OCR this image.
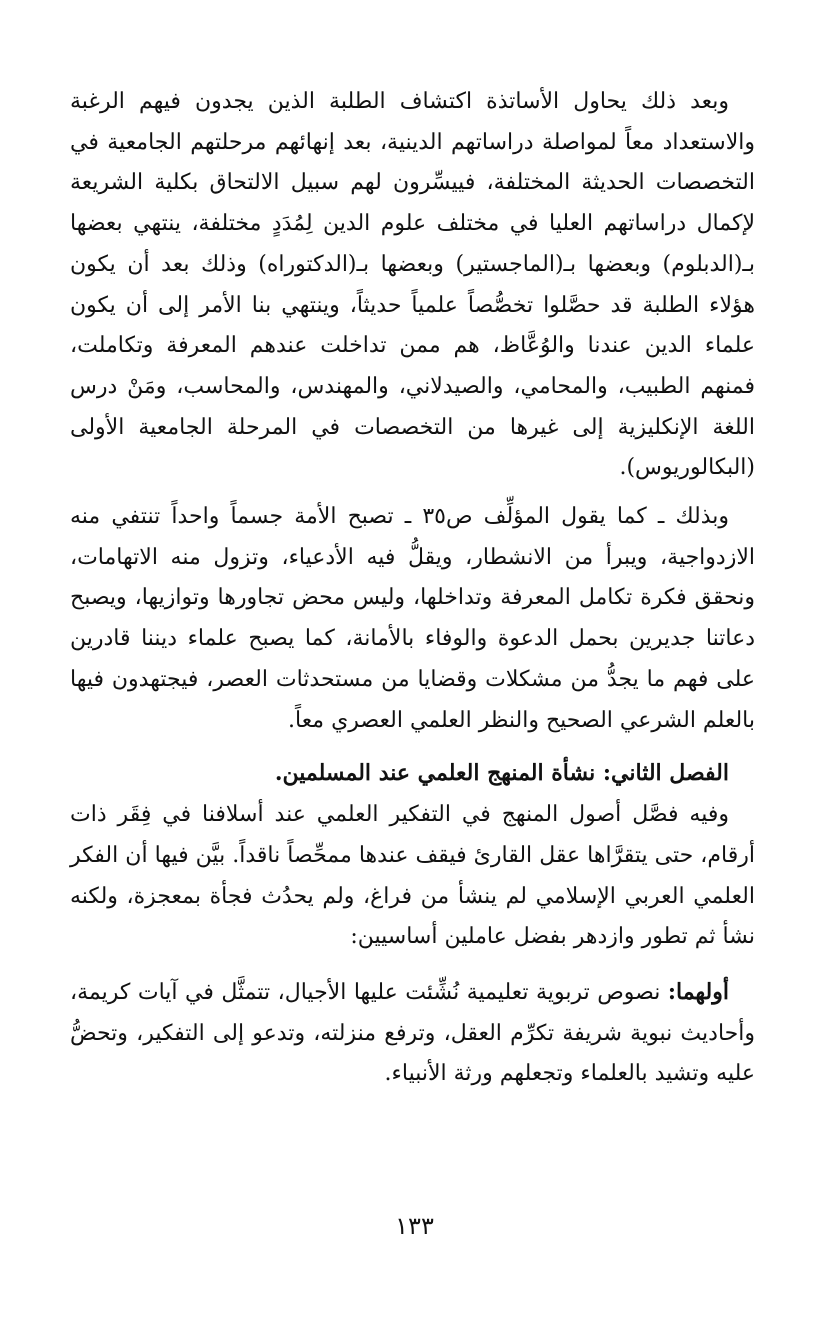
وبعد ذلك يحاول الأساتذة اكتشاف الطلبة الذين يجدون فيهم الرغبة والاستعداد معاً لمواصلة دراساتهم الدينية، بعد إنهائهم مرحلتهم الجامعية في التخصصات الحديثة المختلفة، فييسِّرون لهم سبيل الالتحاق بكلية الشريعة لإكمال دراساتهم العليا في مختلف علوم الدين لِمُدَدٍ مختلفة، ينتهي بعضها بـ(الدبلوم) وبعضها بـ(الماجستير) وبعضها بـ(الدكتوراه) وذلك بعد أن يكون هؤلاء الطلبة قد حصَّلوا تخصُّصاً علمياً حديثاً، وينتهي بنا الأمر إلى أن يكون علماء الدين عندنا والوُعَّاظ، هم ممن تداخلت عندهم المعرفة وتكاملت، فمنهم الطبيب، والمحامي، والصيدلاني، والمهندس، والمحاسب، ومَنْ درس اللغة الإنكليزية إلى غيرها من التخصصات في المرحلة الجامعية الأولى (البكالوريوس).

وبذلك ـ كما يقول المؤلِّف ص٣٥ ـ تصبح الأمة جسماً واحداً تنتفي منه الازدواجية، ويبرأ من الانشطار، ويقلُّ فيه الأدعياء، وتزول منه الاتهامات، ونحقق فكرة تكامل المعرفة وتداخلها، وليس محض تجاورها وتوازيها، ويصبح دعاتنا جديرين بحمل الدعوة والوفاء بالأمانة، كما يصبح علماء ديننا قادرين على فهم ما يجدُّ من مشكلات وقضايا من مستحدثات العصر، فيجتهدون فيها بالعلم الشرعي الصحيح والنظر العلمي العصري معاً.

الفصل الثاني: نشأة المنهج العلمي عند المسلمين.

وفيه فصَّل أصول المنهج في التفكير العلمي عند أسلافنا في فِقَر ذات أرقام، حتى يتقرَّاها عقل القارئ فيقف عندها ممحِّصاً ناقداً. بيَّن فيها أن الفكر العلمي العربي الإسلامي لم ينشأ من فراغ، ولم يحدُث فجأة بمعجزة، ولكنه نشأ ثم تطور وازدهر بفضل عاملين أساسيين:

أولهما: نصوص تربوية تعليمية نُشِّئت عليها الأجيال، تتمثَّل في آيات كريمة، وأحاديث نبوية شريفة تكرِّم العقل، وترفع منزلته، وتدعو إلى التفكير، وتحضُّ عليه وتشيد بالعلماء وتجعلهم ورثة الأنبياء.

١٣٣
